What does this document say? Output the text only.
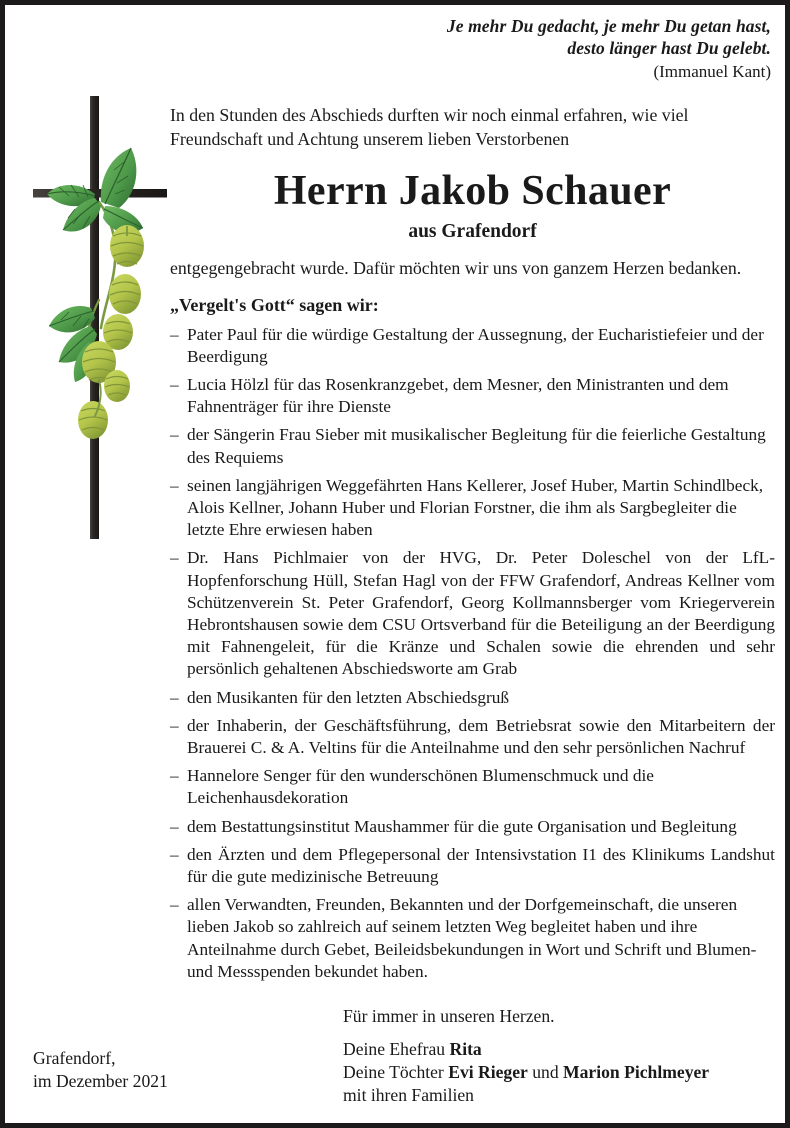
Je mehr Du gedacht, je mehr Du getan hast,
desto länger hast Du gelebt.
(Immanuel Kant)
In den Stunden des Abschieds durften wir noch einmal erfahren, wie viel Freundschaft und Achtung unserem lieben Verstorbenen
Herrn Jakob Schauer
aus Grafendorf
entgegengebracht wurde. Dafür möchten wir uns von ganzem Herzen bedanken.
„Vergelt's Gott“ sagen wir:
– Pater Paul für die würdige Gestaltung der Aussegnung, der Eucharistiefeier und der Beerdigung
– Lucia Hölzl für das Rosenkranzgebet, dem Mesner, den Ministranten und dem Fahnenträger für ihre Dienste
– der Sängerin Frau Sieber mit musikalischer Begleitung für die feierliche Gestaltung des Requiems
– seinen langjährigen Weggefährten Hans Kellerer, Josef Huber, Martin Schindlbeck, Alois Kellner, Johann Huber und Florian Forstner, die ihm als Sargbegleiter die letzte Ehre erwiesen haben
– Dr. Hans Pichlmaier von der HVG, Dr. Peter Doleschel von der LfL-Hopfenforschung Hüll, Stefan Hagl von der FFW Grafendorf, Andreas Kellner vom Schützenverein St. Peter Grafendorf, Georg Kollmannsberger vom Kriegerverein Hebrontshausen sowie dem CSU Ortsverband für die Beteiligung an der Beerdigung mit Fahnengeleit, für die Kränze und Schalen sowie die ehrenden und sehr persönlich gehaltenen Abschiedsworte am Grab
– den Musikanten für den letzten Abschiedsgruß
– der Inhaberin, der Geschäftsführung, dem Betriebsrat sowie den Mitarbeitern der Brauerei C. & A. Veltins für die Anteilnahme und den sehr persönlichen Nachruf
– Hannelore Senger für den wunderschönen Blumenschmuck und die Leichenhausdekoration
– dem Bestattungsinstitut Maushammer für die gute Organisation und Begleitung
– den Ärzten und dem Pflegepersonal der Intensivstation I1 des Klinikums Landshut für die gute medizinische Betreuung
– allen Verwandten, Freunden, Bekannten und der Dorfgemeinschaft, die unseren lieben Jakob so zahlreich auf seinem letzten Weg begleitet haben und ihre Anteilnahme durch Gebet, Beileidsbekundungen in Wort und Schrift und Blumen- und Messspenden bekundet haben.
Für immer in unseren Herzen.
Deine Ehefrau Rita
Deine Töchter Evi Rieger und Marion Pichlmeyer
mit ihren Familien
Grafendorf,
im Dezember 2021
